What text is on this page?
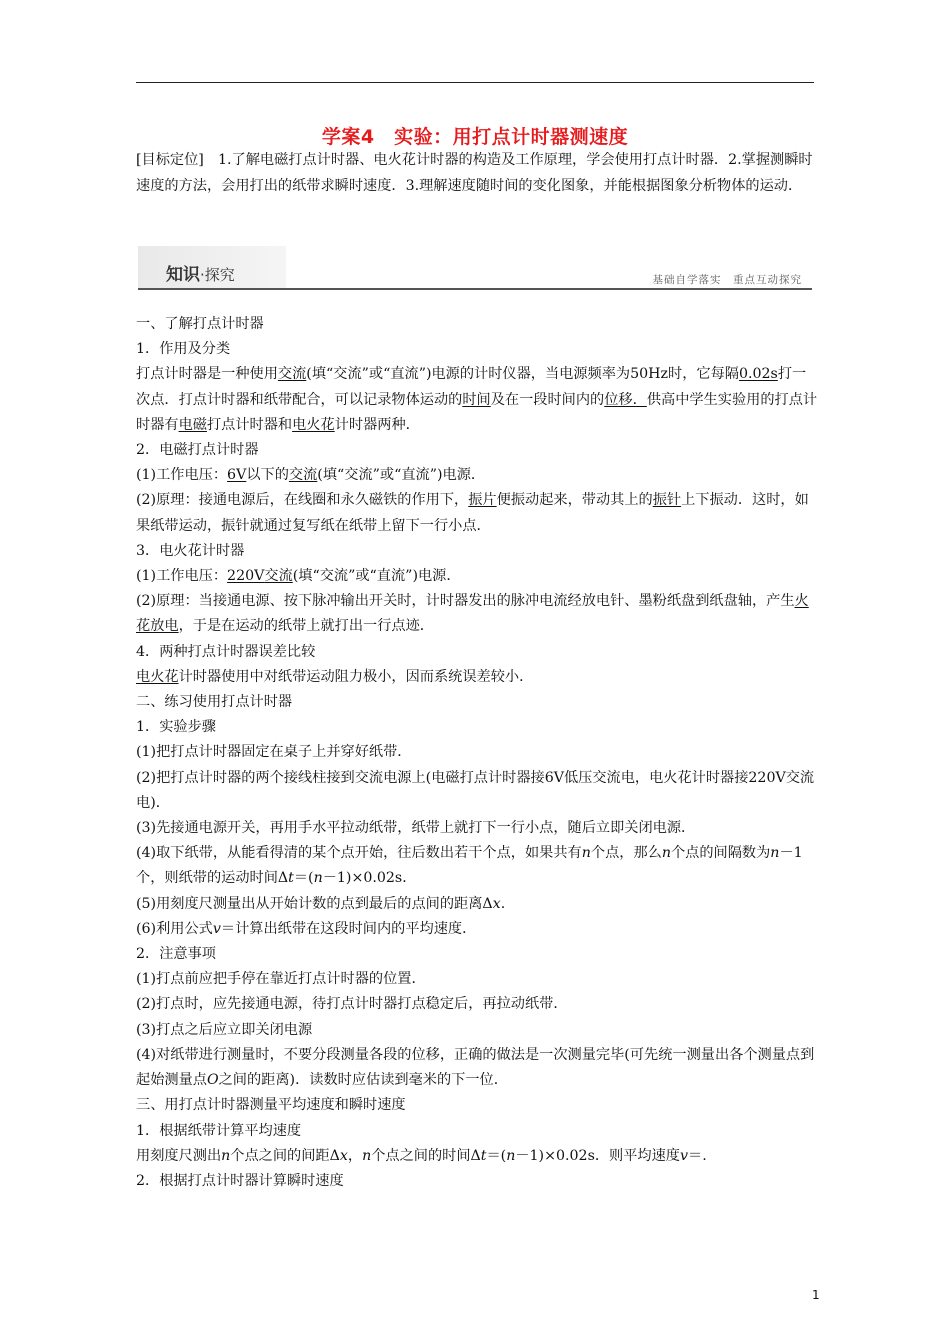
学案4　实验：用打点计时器测速度
[目标定位]　1.了解电磁打点计时器、电火花计时器的构造及工作原理，学会使用打点计时器．2.掌握测瞬时速度的方法，会用打出的纸带求瞬时速度．3.理解速度随时间的变化图象，并能根据图象分析物体的运动．
知识·探究	基础自学落实　重点互动探究

一、了解打点计时器

1．作用及分类

打点计时器是一种使用交流(填“交流”或“直流”)电源的计时仪器，当电源频率为50Hz时，它每隔0.02s打一次点．打点计时器和纸带配合，可以记录物体运动的时间及在一段时间内的位移．供高中学生实验用的打点计时器有电磁打点计时器和电火花计时器两种．

2．电磁打点计时器

(1)工作电压：6V以下的交流(填“交流”或“直流”)电源．

(2)原理：接通电源后，在线圈和永久磁铁的作用下，振片便振动起来，带动其上的振针上下振动．这时，如果纸带运动，振针就通过复写纸在纸带上留下一行小点．

3．电火花计时器

(1)工作电压：220V交流(填“交流”或“直流”)电源．

(2)原理：当接通电源、按下脉冲输出开关时，计时器发出的脉冲电流经放电针、墨粉纸盘到纸盘轴，产生火花放电，于是在运动的纸带上就打出一行点迹．

4．两种打点计时器误差比较

电火花计时器使用中对纸带运动阻力极小，因而系统误差较小．

二、练习使用打点计时器

1．实验步骤

(1)把打点计时器固定在桌子上并穿好纸带．

(2)把打点计时器的两个接线柱接到交流电源上(电磁打点计时器接6V低压交流电，电火花计时器接220V交流电)．

(3)先接通电源开关，再用手水平拉动纸带，纸带上就打下一行小点，随后立即关闭电源．

(4)取下纸带，从能看得清的某个点开始，往后数出若干个点，如果共有n个点，那么n个点的间隔数为n－1个，则纸带的运动时间Δt＝(n－1)×0.02s．

(5)用刻度尺测量出从开始计数的点到最后的点间的距离Δx.

(6)利用公式v＝计算出纸带在这段时间内的平均速度．

2．注意事项

(1)打点前应把手停在靠近打点计时器的位置．

(2)打点时，应先接通电源，待打点计时器打点稳定后，再拉动纸带．

(3)打点之后应立即关闭电源

(4)对纸带进行测量时，不要分段测量各段的位移，正确的做法是一次测量完毕(可先统一测量出各个测量点到起始测量点O之间的距离)．读数时应估读到毫米的下一位．

三、用打点计时器测量平均速度和瞬时速度

1．根据纸带计算平均速度

用刻度尺测出n个点之间的间距Δx，n个点之间的时间Δt＝(n－1)×0.02s．则平均速度v＝.

2．根据打点计时器计算瞬时速度

1
